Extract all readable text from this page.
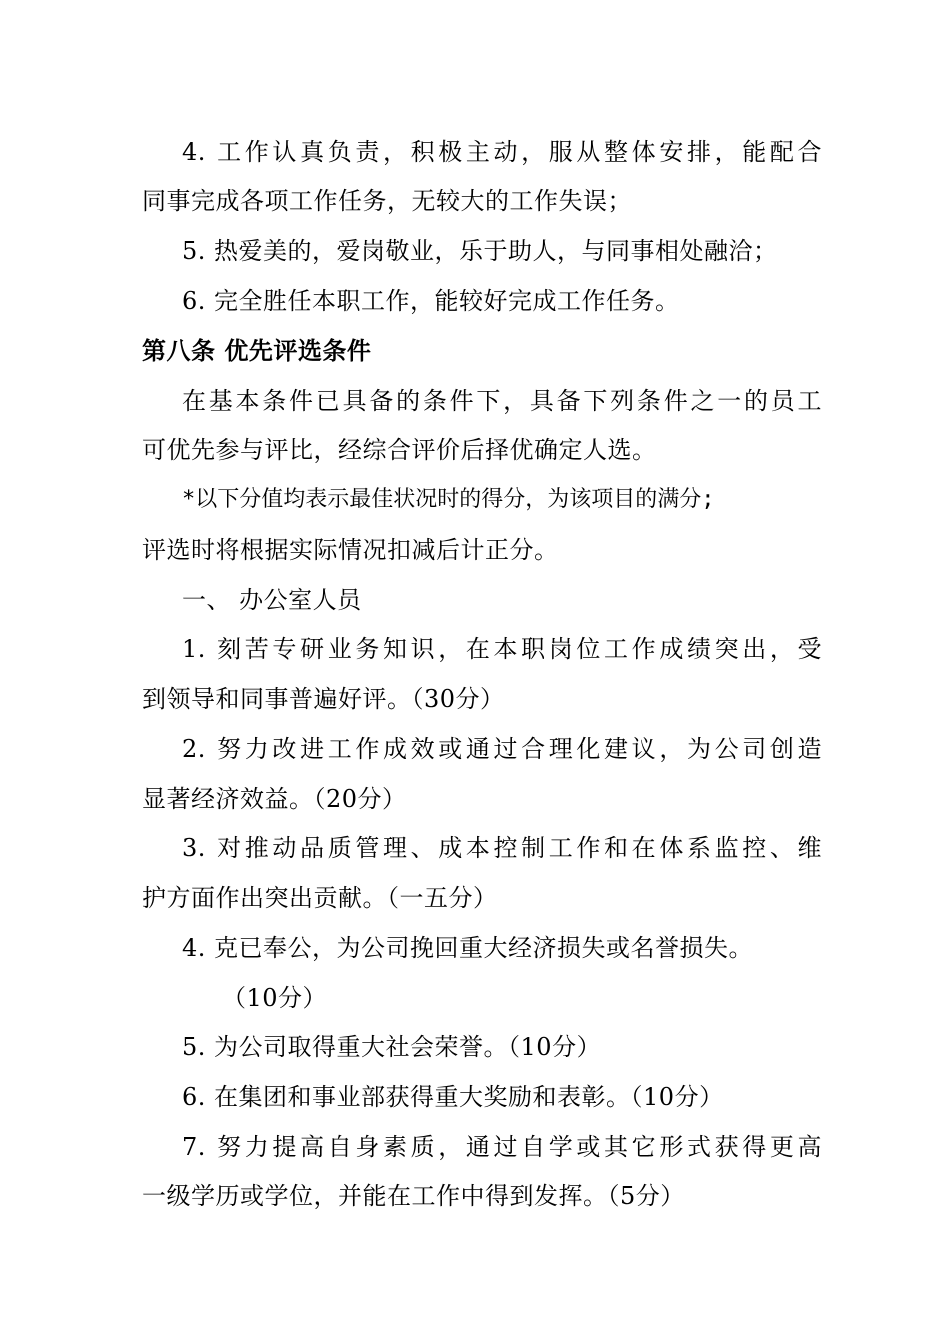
4. 工作认真负责，积极主动，服从整体安排，能配合
同事完成各项工作任务，无较大的工作失误；
5. 热爱美的，爱岗敬业，乐于助人，与同事相处融洽；
6. 完全胜任本职工作，能较好完成工作任务。
第八条 优先评选条件
在基本条件已具备的条件下，具备下列条件之一的员工
可优先参与评比，经综合评价后择优确定人选。
*以下分值均表示最佳状况时的得分，为该项目的满分;
评选时将根据实际情况扣减后计正分。
一、 办公室人员
1. 刻苦专研业务知识，在本职岗位工作成绩突出，受
到领导和同事普遍好评。（30分）
2. 努力改进工作成效或通过合理化建议，为公司创造
显著经济效益。（20分）
3. 对推动品质管理、成本控制工作和在体系监控、维
护方面作出突出贡献。（一五分）
4. 克已奉公，为公司挽回重大经济损失或名誉损失。
（10分）
5. 为公司取得重大社会荣誉。（10分）
6. 在集团和事业部获得重大奖励和表彰。（10分）
7. 努力提高自身素质，通过自学或其它形式获得更高
一级学历或学位，并能在工作中得到发挥。（5分）
